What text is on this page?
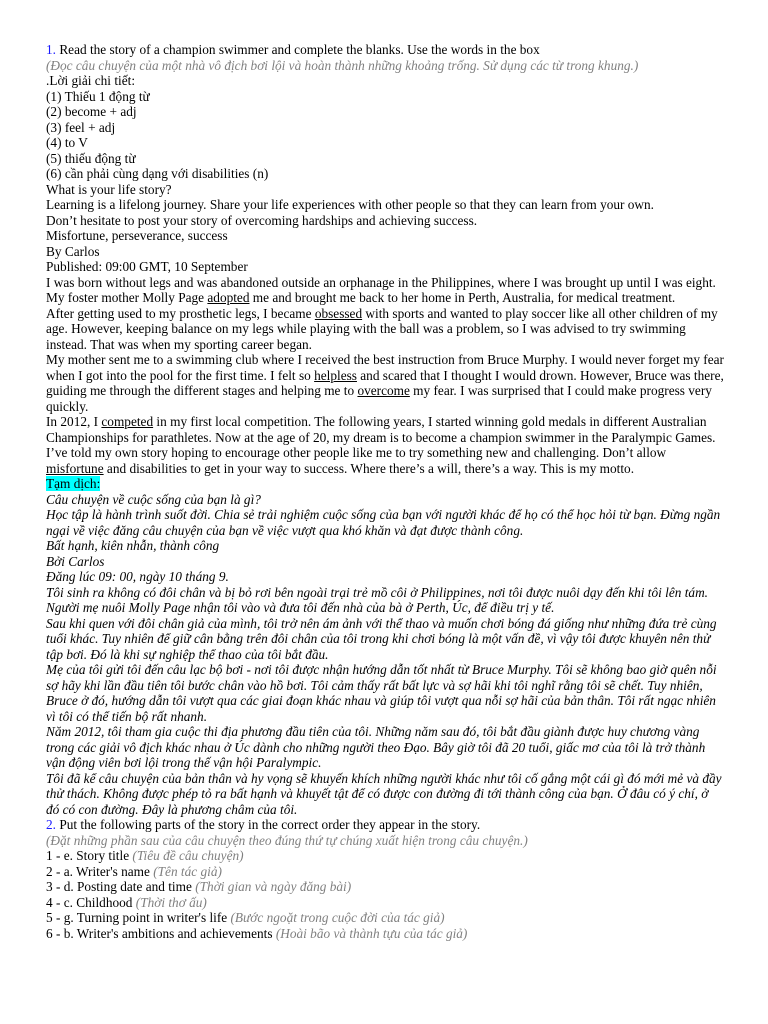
1. Read the story of a champion swimmer and complete the blanks. Use the words in the box

(Đọc câu chuyện của một nhà vô địch bơi lội và hoàn thành những khoảng trống. Sử dụng các từ trong khung.)

.Lời giải chi tiết:

(1) Thiếu 1 động từ

(2) become + adj

(3) feel + adj

(4) to V

(5) thiếu động từ

(6) cần phải cùng dạng với disabilities (n)

What is your life story?

Learning is a lifelong journey. Share your life experiences with other people so that they can learn from your own.

Don’t hesitate to post your story of overcoming hardships and achieving success.

Misfortune, perseverance, success

By Carlos

Published: 09:00 GMT, 10 September

I was born without legs and was abandoned outside an orphanage in the Philippines, where I was brought up until I was eight. My foster mother Molly Page adopted me and brought me back to her home in Perth, Australia, for medical treatment.

After getting used to my prosthetic legs, I became obsessed with sports and wanted to play soccer like all other children of my age. However, keeping balance on my legs while playing with the ball was a problem, so I was advised to try swimming instead. That was when my sporting career began.

My mother sent me to a swimming club where I received the best instruction from Bruce Murphy. I would never forget my fear when I got into the pool for the first time. I felt so helpless and scared that I thought I would drown. However, Bruce was there, guiding me through the different stages and helping me to overcome my fear. I was surprised that I could make progress very quickly.

In 2012, I competed in my first local competition. The following years, I started winning gold medals in different Australian Championships for parathletes. Now at the age of 20, my dream is to become a champion swimmer in the Paralympic Games.

I’ve told my own story hoping to encourage other people like me to try something new and challenging. Don’t allow misfortune and disabilities to get in your way to success. Where there’s a will, there’s a way. This is my motto.

Tạm dịch:

Câu chuyện về cuộc sống của bạn là gì?

Học tập là hành trình suốt đời. Chia sẻ trải nghiệm cuộc sống của bạn với người khác để họ có thể học hỏi từ bạn. Đừng ngần ngại về việc đăng câu chuyện của bạn về việc vượt qua khó khăn và đạt được thành công.

Bất hạnh, kiên nhẫn, thành công

Bởi Carlos

Đăng lúc 09: 00, ngày 10 tháng 9.

Tôi sinh ra không có đôi chân và bị bỏ rơi bên ngoài trại trẻ mồ côi ở Philippines, nơi tôi được nuôi dạy đến khi tôi lên tám. Người mẹ nuôi Molly Page nhận tôi vào và đưa tôi đến nhà của bà ở Perth, Úc, để điều trị y tế.

Sau khi quen với đôi chân giả của mình, tôi trở nên ám ảnh với thể thao và muốn chơi bóng đá giống như những đứa trẻ cùng tuổi khác. Tuy nhiên để giữ cân bằng trên đôi chân của tôi trong khi chơi bóng là một vấn đề, vì vậy tôi được khuyên nên thử tập bơi. Đó là khi sự nghiệp thể thao của tôi bắt đầu.

Mẹ của tôi gửi tôi đến câu lạc bộ bơi - nơi tôi được nhận hướng dẫn tốt nhất từ Bruce Murphy. Tôi sẽ không bao giờ quên nỗi sợ hãy khi lần đầu tiên tôi bước chân vào hồ bơi. Tôi cảm thấy rất bất lực và sợ hãi khi tôi nghĩ rằng tôi sẽ chết. Tuy nhiên, Bruce ở đó, hướng dẫn tôi vượt qua các giai đoạn khác nhau và giúp tôi vượt qua nỗi sợ hãi của bản thân. Tôi rất ngạc nhiên vì tôi có thể tiến bộ rất nhanh.

Năm 2012, tôi tham gia cuộc thi địa phương đầu tiên của tôi. Những năm sau đó, tôi bắt đầu giành được huy chương vàng trong các giải vô địch khác nhau ở Úc dành cho những người theo Đạo. Bây giờ tôi đã 20 tuổi, giấc mơ của tôi là trở thành vận động viên bơi lội trong thế vận hội Paralympic.

Tôi đã kể câu chuyện của bản thân và hy vọng sẽ khuyến khích những người khác như tôi cố gắng một cái gì đó mới mẻ và đầy thử thách. Không được phép tỏ ra bất hạnh và khuyết tật để có được con đường đi tới thành công của bạn. Ở đâu có ý chí, ở đó có con đường. Đây là phương châm của tôi.

2. Put the following parts of the story in the correct order they appear in the story.

(Đặt những phần sau của câu chuyện theo đúng thứ tự chúng xuất hiện trong câu chuyện.)

1 - e. Story title (Tiêu đề câu chuyện)

2 - a. Writer's name (Tên tác giả)

3 - d. Posting date and time (Thời gian và ngày đăng bài)

4 - c. Childhood (Thời thơ ấu)

5 - g. Turning point in writer's life (Bước ngoặt trong cuộc đời của tác giả)

6 - b. Writer's ambitions and achievements (Hoài bão và thành tựu của tác giả)
